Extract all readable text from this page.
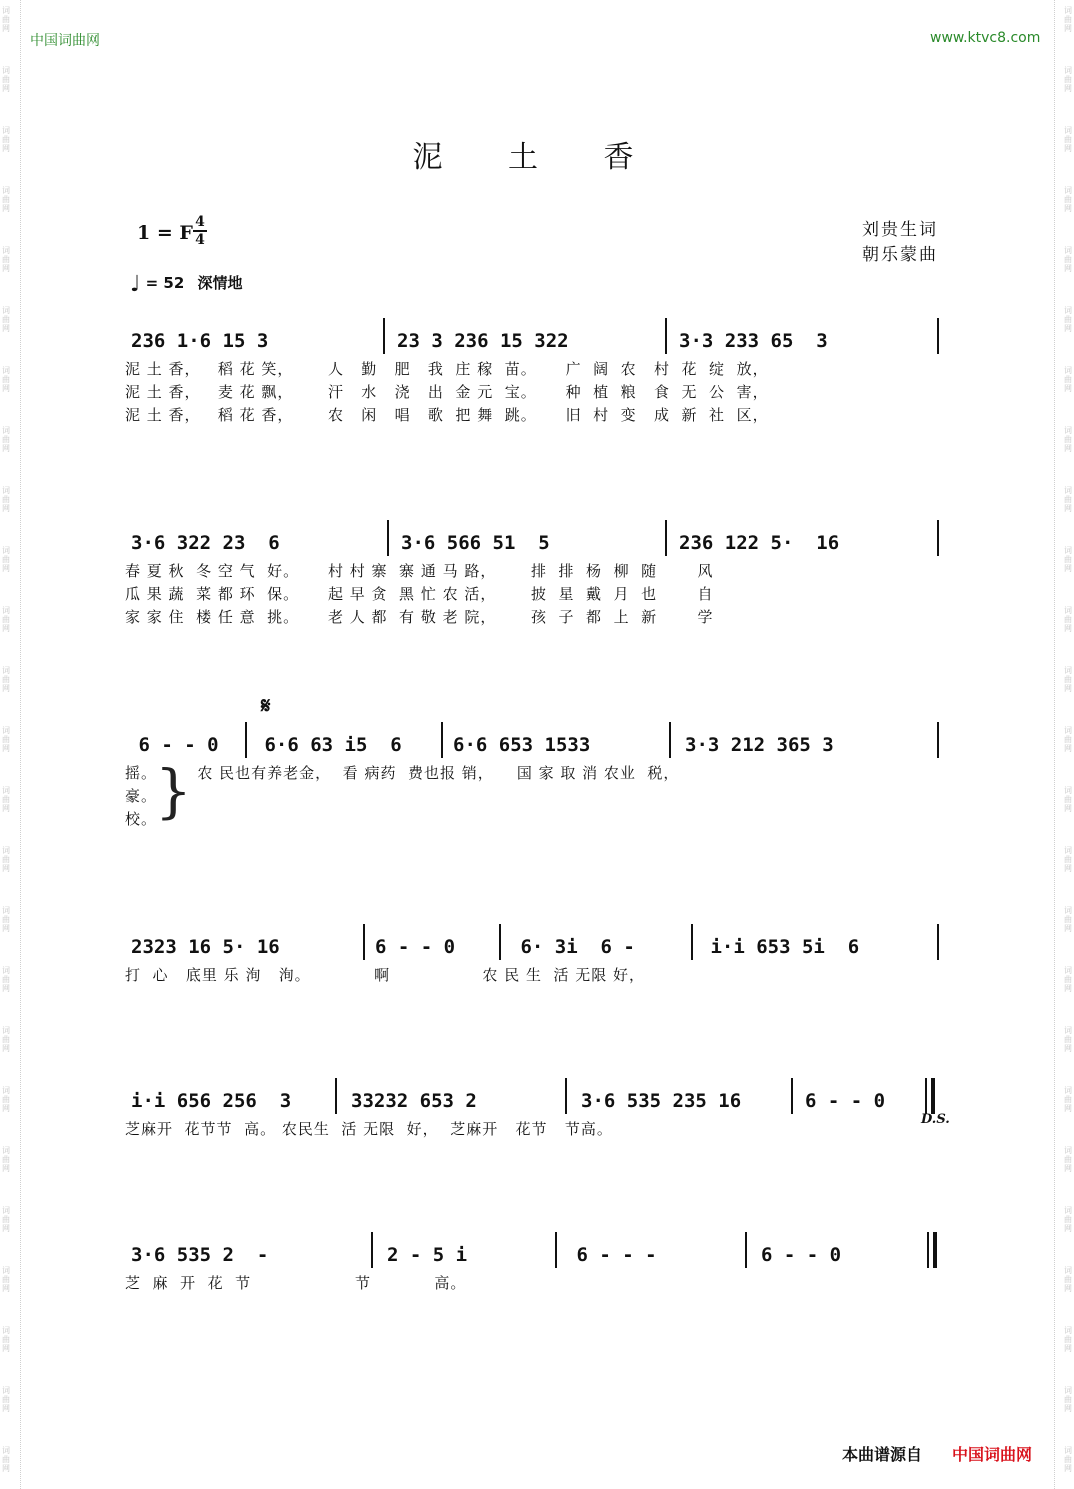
词
曲
网
词
曲
网
词
曲
网
词
曲
网
词
曲
网
词
曲
网
词
曲
网
词
曲
网
词
曲
网
词
曲
网
词
曲
网
词
曲
网
词
曲
网
词
曲
网
词
曲
网
词
曲
网
词
曲
网
词
曲
网
词
曲
网
词
曲
网
词
曲
网
词
曲
网
词
曲
网
词
曲
网
词
曲
网
词
曲
网
词
曲
网
词
曲
网
词
曲
网
词
曲
网
词
曲
网
词
曲
网
词
曲
网
词
曲
网
词
曲
网
词
曲
网
词
曲
网
词
曲
网
词
曲
网
词
曲
网
词
曲
网
词
曲
网
词
曲
网
词
曲
网
词
曲
网
词
曲
网
词
曲
网
词
曲
网
词
曲
网
词
曲
网
中国词曲网	www.ktvc8.com
泥 土 香
1 = F 4
4
♩ = 52 深情地
刘贵生词
朝乐蒙曲

236 1·6 15 3

	23 3 236 15 322

	3·3 233 65  3

泥 土 香，   稻 花 笑，      人   勤   肥   我  庄 稼  苗。     广  阔  农   村  花  绽  放，
泥 土 香，   麦 花 飘，      汗   水   浇   出  金 元  宝。     种  植  粮   食  无  公  害，
泥 土 香，   稻 花 香，      农   闲   唱   歌  把 舞  跳。     旧  村  变   成  新  社  区，

3·6 322 23  6

	3·6 566 51  5

	236 122 5·  16

春 夏 秋  冬 空 气  好。     村 村 寨  寨 通 马 路，      排  排  杨  柳  随       风
瓜 果 蔬  菜 都 环  保。     起 早 贪  黑 忙 农 活，      披  星  戴  月  也       自
家 家 住  楼 任 意  挑。     老 人 都  有 敬 老 院，      孩  子  都  上  新       学
𝄋

6 - - 0

6·6 63 i5  6

	6·6 653 1533

	3·3 212 365 3

摇。       农 民也有养老金，  看 病药  费也报 销，    国 家 取 消 农业  税，
豪。
校。
}

2323 16 5· 16

	6 - - 0

	6· 3i  6 -

	i·i 653 5i  6

打  心   底里 乐 洵   洵。           啊                农 民 生  活 无限 好，

i·i 656 256  3

	33232 653 2

	3·6 535 235 16

	6 - - 0

D.S.
芝麻开  花节节  高。 农民生  活 无限  好，  芝麻开   花节   节高。

3·6 535 2  -

	2 - 5 i

	6 - - -

	6 - - 0

芝  麻  开  花  节                  节           高。
本曲谱源自 中国词曲网
